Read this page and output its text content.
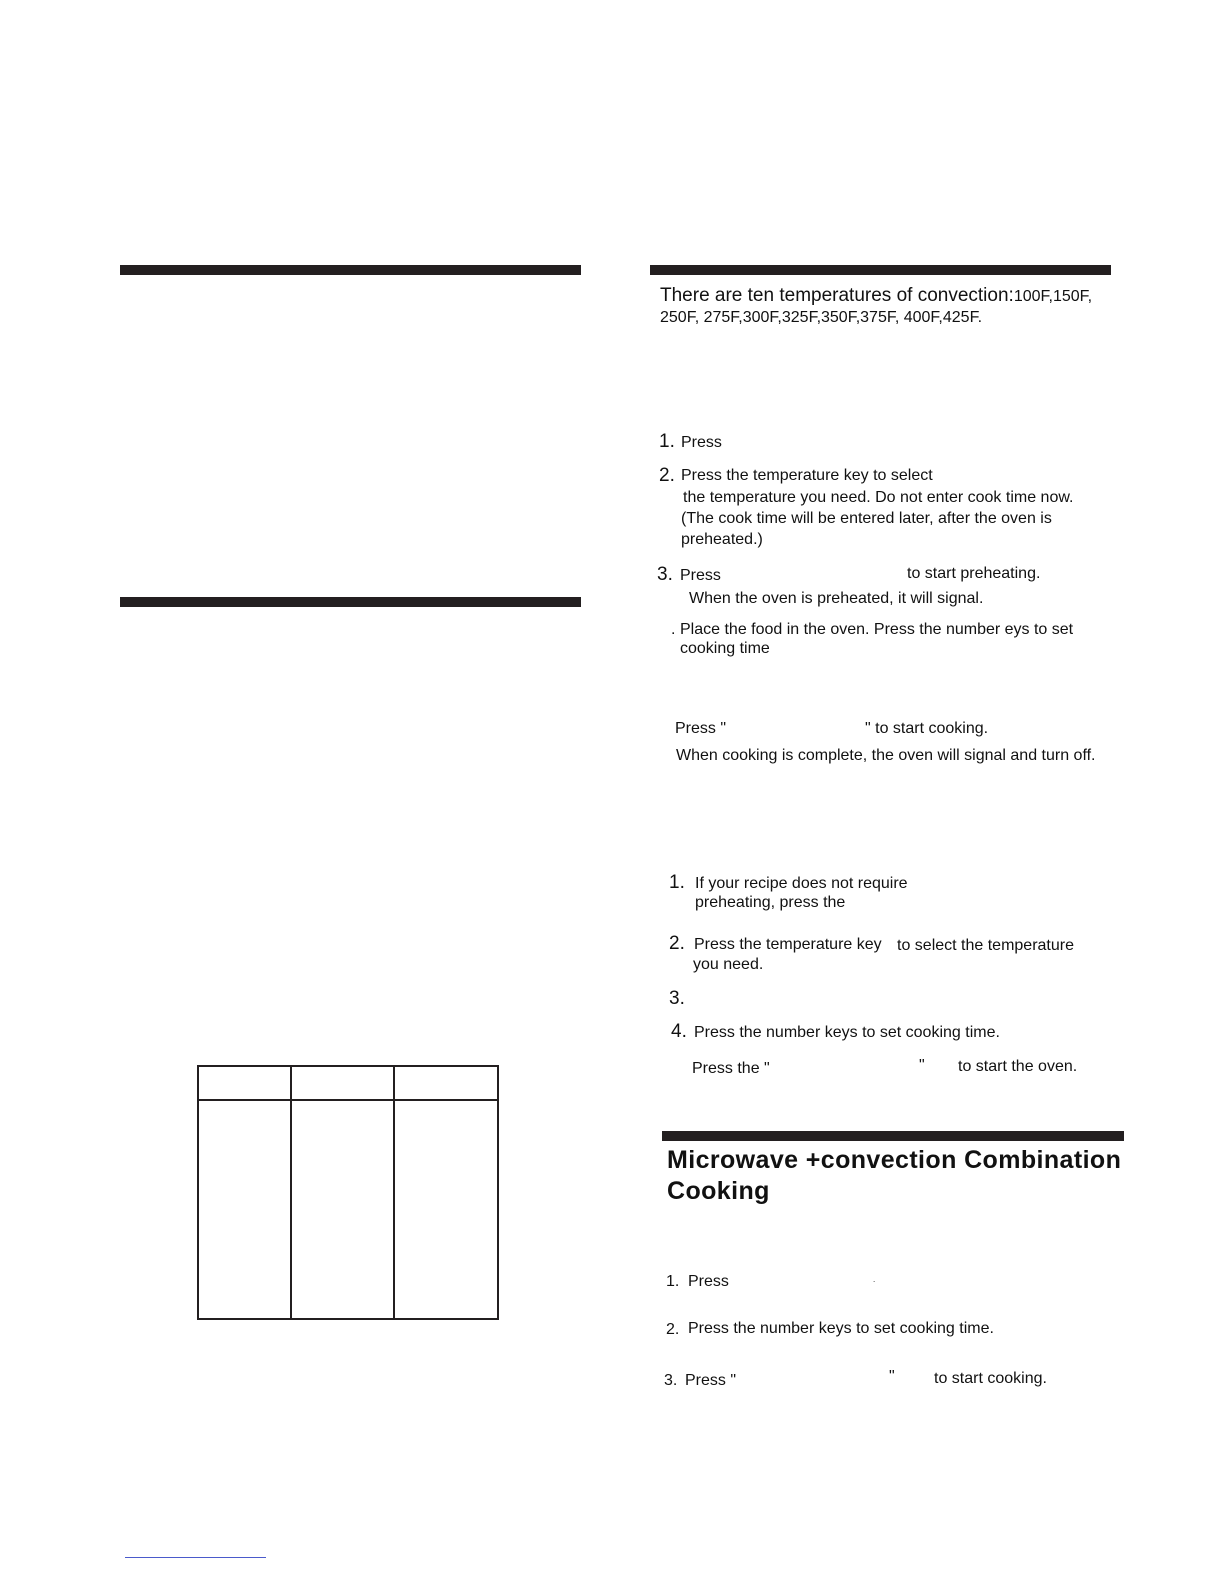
There are ten temperatures of convection:100F,150F,
250F, 275F,300F,325F,350F,375F, 400F,425F.
1. Press
2. Press the temperature key to select
the temperature you need. Do not enter cook time now.
(The cook time will be entered later, after the oven is
preheated.)
3. Press	to start preheating.
When the oven is preheated, it will signal.
. Place the food in the oven. Press the number eys to set
cooking time
Press "	" to start cooking.
When cooking is complete, the oven will signal and turn off.
1. If your recipe does not require
preheating, press the
2. Press the temperature key to select the temperature
you need.
3.
4. Press the number keys to set cooking time.
Press the "	" to start the oven.
Microwave +convection Combination
Cooking
1. Press	.
2. Press the number keys to set cooking time.
3. Press "	" to start cooking.
